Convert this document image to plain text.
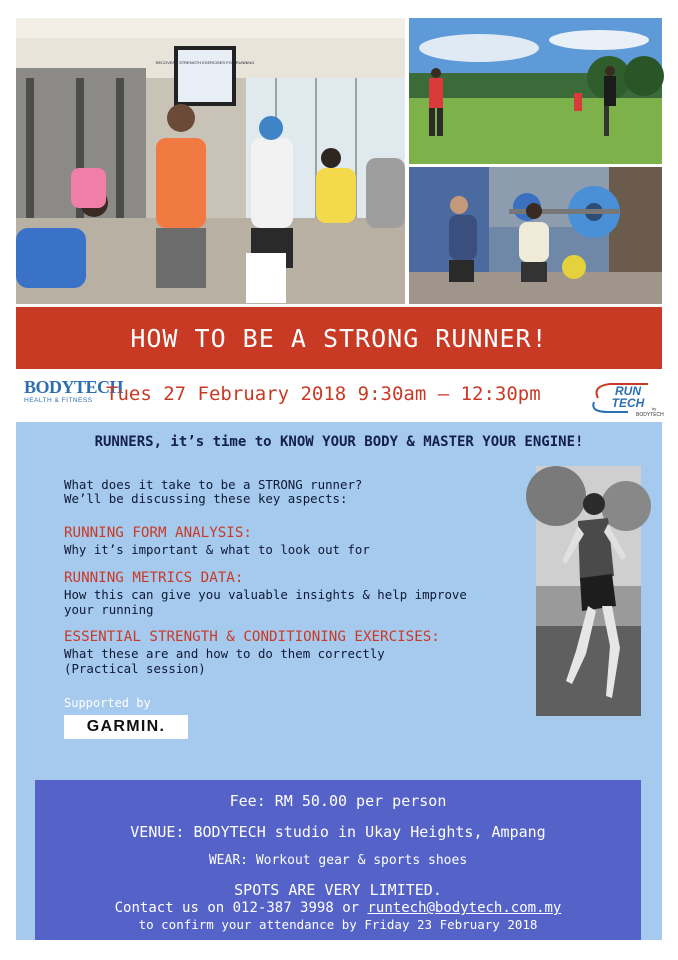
RECOVERY STRENGTH EXERCISES FOR RUNNING
HOW TO BE A STRONG RUNNER!
BODYTECH
HEALTH & FITNESS Tues 27 February 2018 9:30am – 12:30pm	RUN
TECH by
BODYTECH
RUNNERS, it’s time to KNOW YOUR BODY & MASTER YOUR ENGINE!
What does it take to be a STRONG runner?
We’ll be discussing these key aspects:
RUNNING FORM ANALYSIS:
Why it’s important & what to look out for
RUNNING METRICS DATA:
How this can give you valuable insights & help improve
your running
ESSENTIAL STRENGTH & CONDITIONING EXERCISES:
What these are and how to do them correctly
(Practical session)
Supported by
GARMIN.
Fee: RM 50.00 per person
VENUE: BODYTECH studio in Ukay Heights, Ampang
WEAR: Workout gear & sports shoes
SPOTS ARE VERY LIMITED.
Contact us on 012-387 3998 or runtech@bodytech.com.my
to confirm your attendance by Friday 23 February 2018
